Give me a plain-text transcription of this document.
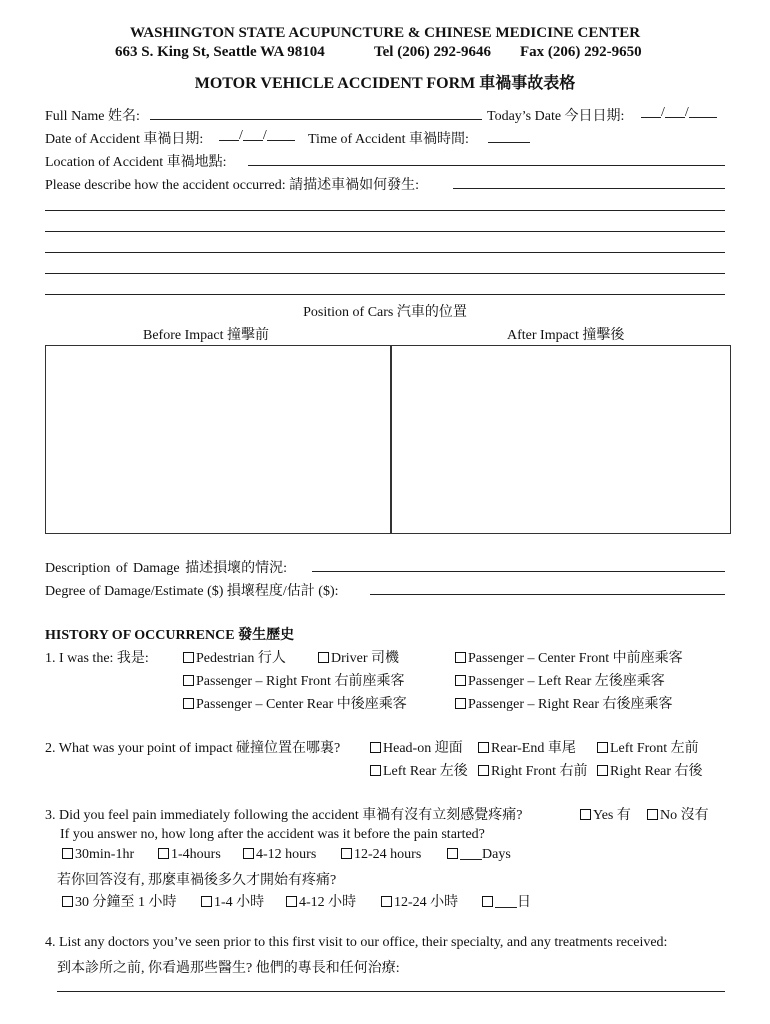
WASHINGTON STATE ACUPUNCTURE & CHINESE MEDICINE CENTER
663 S. King St, Seattle WA 98104	Tel (206) 292-9646 Fax (206) 292-9650
MOTOR VEHICLE ACCIDENT FORM 車禍事故表格
Full Name 姓名:	Today’s Date 今日日期:	/ /
Date of Accident 車禍日期:	/ /	Time of Accident 車禍時間:
Location of Accident 車禍地點:
Please describe how the accident occurred: 請描述車禍如何發生:
Position of Cars 汽車的位置
Before Impact 撞擊前	After Impact 撞擊後
Description of Damage 描述損壞的情況:
Degree of Damage/Estimate ($) 損壞程度/估計 ($):
HISTORY OF OCCURRENCE 發生歷史
1. I was the: 我是:	Pedestrian 行人	Driver 司機	Passenger – Center Front 中前座乘客
Passenger – Right Front 右前座乘客	Passenger – Left Rear 左後座乘客
Passenger – Center Rear 中後座乘客	Passenger – Right Rear 右後座乘客
2. What was your point of impact 碰撞位置在哪裏?	Head-on 迎面	Rear-End 車尾	Left Front 左前
Left Rear 左後	Right Front 右前	Right Rear 右後
3. Did you feel pain immediately following the accident 車禍有沒有立刻感覺疼痛?	Yes 有	No 沒有
If you answer no, how long after the accident was it before the pain started?
30min-1hr	1-4hours	4-12 hours	12-24 hours	Days
若你回答沒有, 那麼車禍後多久才開始有疼痛?
30 分鐘至 1 小時	1-4 小時	4-12 小時	12-24 小時	日
4. List any doctors you’ve seen prior to this first visit to our office, their specialty, and any treatments received:
到本診所之前, 你看過那些醫生? 他們的專長和任何治療:
